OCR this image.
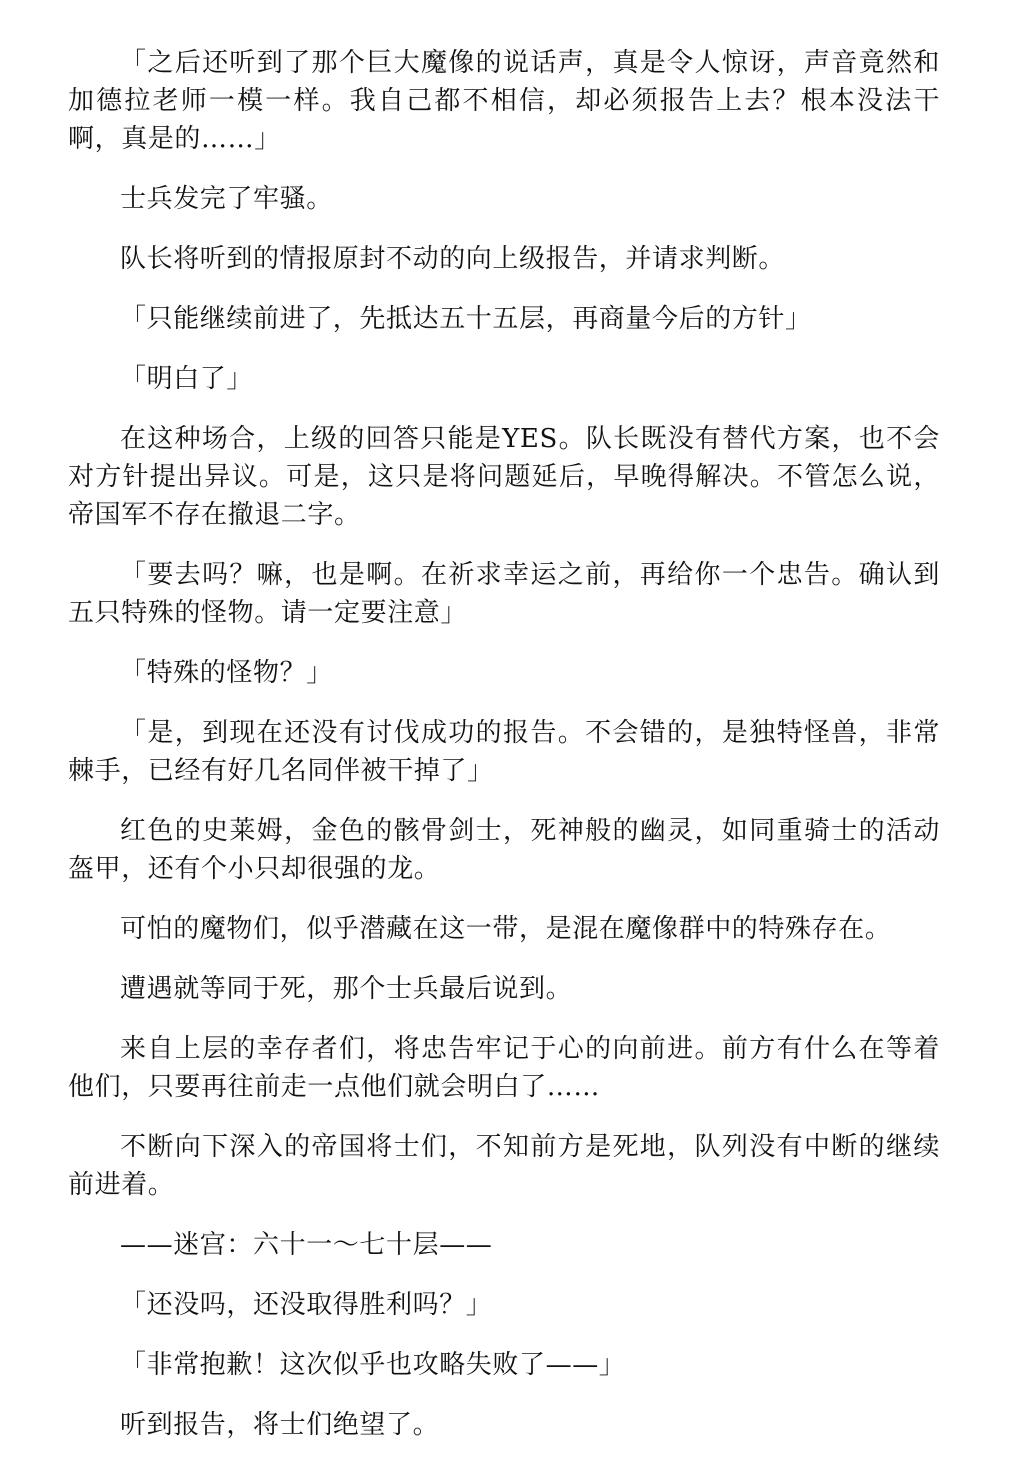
「之后还听到了那个巨大魔像的说话声，真是令人惊讶，声音竟然和加德拉老师一模一样。我自己都不相信，却必须报告上去？根本没法干啊，真是的……」

士兵发完了牢骚。

队长将听到的情报原封不动的向上级报告，并请求判断。

「只能继续前进了，先抵达五十五层，再商量今后的方针」

「明白了」

在这种场合，上级的回答只能是YES。队长既没有替代方案，也不会对方针提出异议。可是，这只是将问题延后，早晚得解决。不管怎么说，帝国军不存在撤退二字。

「要去吗？嘛，也是啊。在祈求幸运之前，再给你一个忠告。确认到五只特殊的怪物。请一定要注意」

「特殊的怪物？」

「是，到现在还没有讨伐成功的报告。不会错的，是独特怪兽，非常棘手，已经有好几名同伴被干掉了」

红色的史莱姆，金色的骸骨剑士，死神般的幽灵，如同重骑士的活动盔甲，还有个小只却很强的龙。

可怕的魔物们，似乎潜藏在这一带，是混在魔像群中的特殊存在。

遭遇就等同于死，那个士兵最后说到。

来自上层的幸存者们，将忠告牢记于心的向前进。前方有什么在等着他们，只要再往前走一点他们就会明白了……

不断向下深入的帝国将士们，不知前方是死地，队列没有中断的继续前进着。

——迷宫：六十一～七十层——

「还没吗，还没取得胜利吗？」

「非常抱歉！这次似乎也攻略失败了——」

听到报告，将士们绝望了。
